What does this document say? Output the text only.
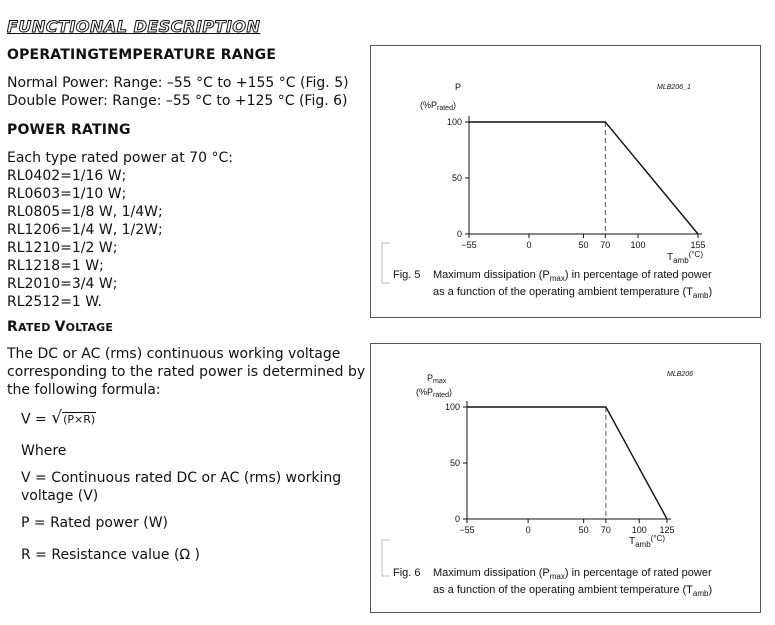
FUNCTIONAL DESCRIPTION
OPERATINGTEMPERATURE RANGE
Normal Power: Range: –55 °C to +155 °C (Fig. 5)
Double Power: Range: –55 °C to +125 °C (Fig. 6)
POWER RATING
Each type rated power at 70 °C:
RL0402=1/16 W;
RL0603=1/10 W;
RL0805=1/8 W, 1/4W;
RL1206=1/4 W, 1/2W;
RL1210=1/2 W;
RL1218=1 W;
RL2010=3/4 W;
RL2512=1 W.
RATED VOLTAGE
The DC or AC (rms) continuous working voltage
corresponding to the rated power is determined by
the following formula:
V = √(P×R)
Where
V = Continuous rated DC or AC (rms) working
voltage (V)
P = Rated power (W)
R = Resistance value (Ω )
−55	0	50 70 100	155
0
50
100
MLB206_1
P
$(\%P_{rated})$
$T_{amb}^{(^\circ C)}$
Fig. 5 Maximum dissipation $(P_{max})$ in percentage of rated power
as a function of the operating ambient temperature $(T_{amb})$
−55	0	50 70 100 125
0
50
100
MLB206
$P_{max}$
$(\%P_{rated})$
$T_{amb}^{(^\circ C)}$
Fig. 6 Maximum dissipation $(P_{max})$ in percentage of rated power
as a function of the operating ambient temperature $(T_{amb})$
